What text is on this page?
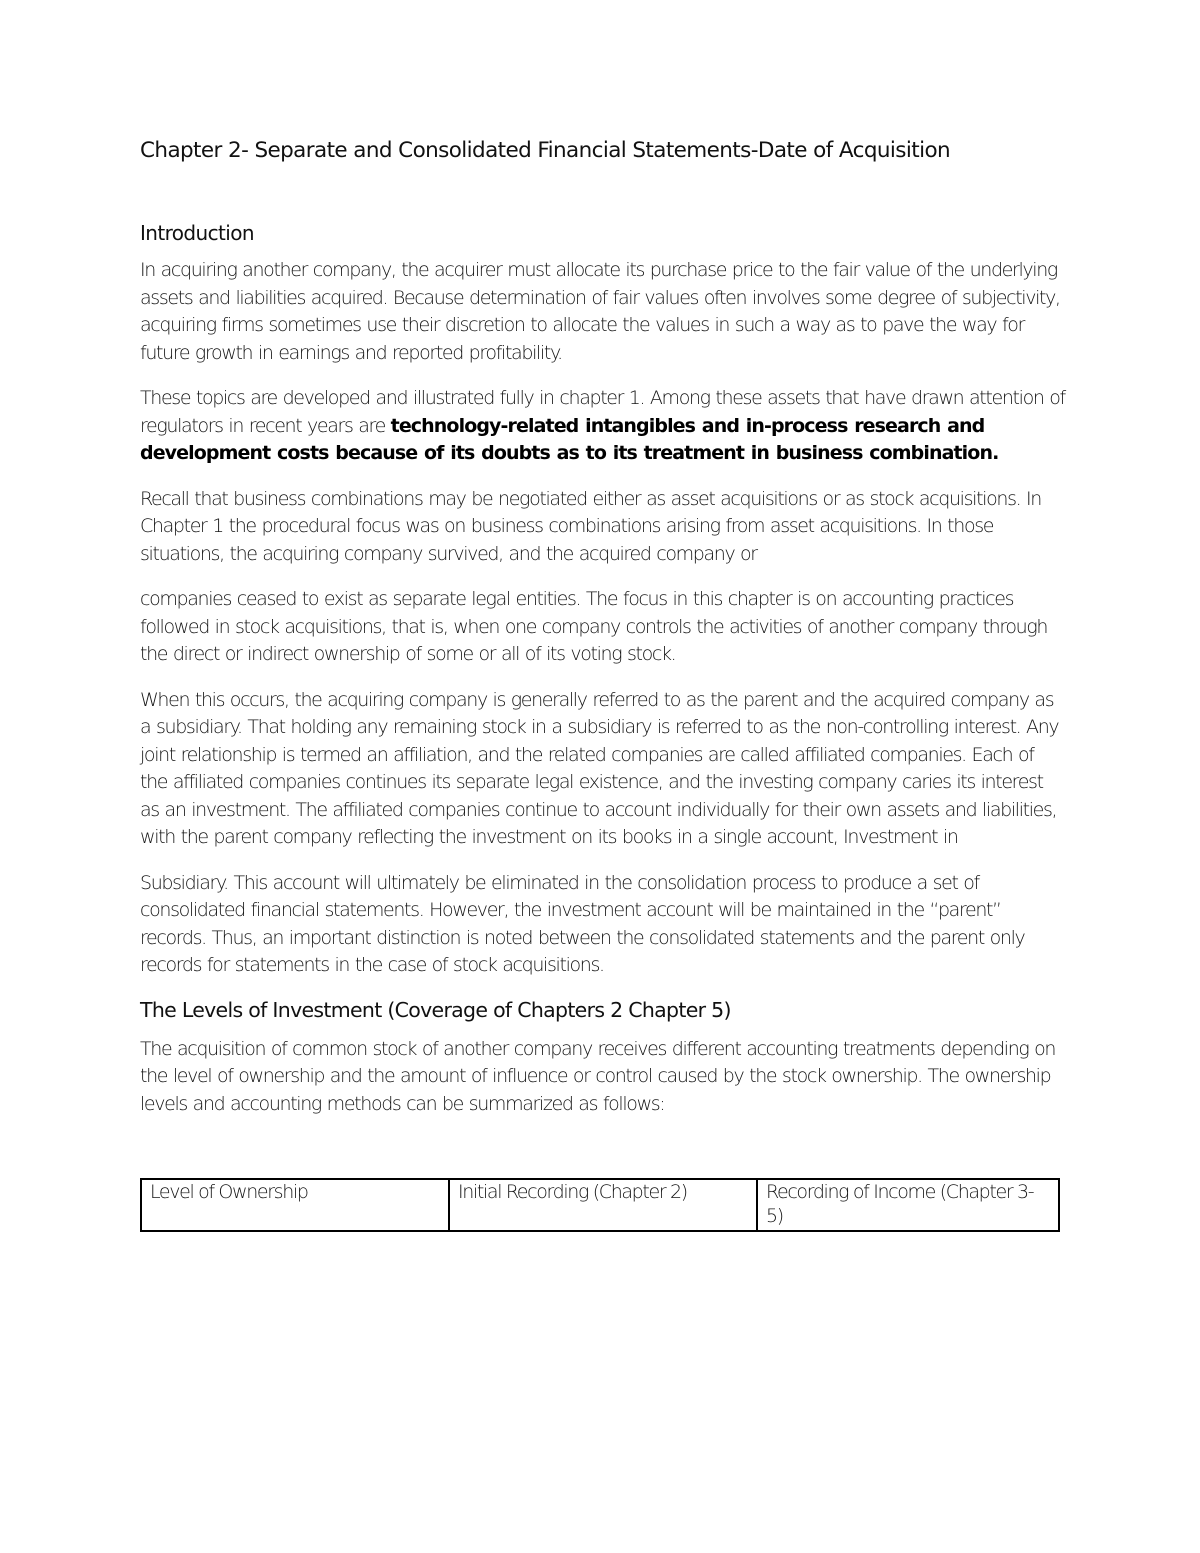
Chapter 2- Separate and Consolidated Financial Statements-Date of Acquisition
Introduction

In acquiring another company, the acquirer must allocate its purchase price to the fair value of the underlying assets and liabilities acquired. Because determination of fair values often involves some degree of subjectivity, acquiring firms sometimes use their discretion to allocate the values in such a way as to pave the way for future growth in earnings and reported profitability.

These topics are developed and illustrated fully in chapter 1. Among these assets that have drawn attention of regulators in recent years are technology-related intangibles and in-process research and development costs because of its doubts as to its treatment in business combination.

Recall that business combinations may be negotiated either as asset acquisitions or as stock acquisitions. In Chapter 1 the procedural focus was on business combinations arising from asset acquisitions. In those situations, the acquiring company survived, and the acquired company or

companies ceased to exist as separate legal entities. The focus in this chapter is on accounting practices followed in stock acquisitions, that is, when one company controls the activities of another company through the direct or indirect ownership of some or all of its voting stock.

When this occurs, the acquiring company is generally referred to as the parent and the acquired company as a subsidiary. That holding any remaining stock in a subsidiary is referred to as the non-controlling interest. Any joint relationship is termed an affiliation, and the related companies are called affiliated companies. Each of the affiliated companies continues its separate legal existence, and the investing company caries its interest as an investment. The affiliated companies continue to account individually for their own assets and liabilities, with the parent company reflecting the investment on its books in a single account, Investment in

Subsidiary. This account will ultimately be eliminated in the consolidation process to produce a set of consolidated financial statements. However, the investment account will be maintained in the “parent” records. Thus, an important distinction is noted between the consolidated statements and the parent only records for statements in the case of stock acquisitions.

The Levels of Investment (Coverage of Chapters 2 Chapter 5)

The acquisition of common stock of another company receives different accounting treatments depending on the level of ownership and the amount of influence or control caused by the stock ownership. The ownership levels and accounting methods can be summarized as follows:

Level of Ownership	Initial Recording (Chapter 2)	Recording of Income (Chapter 3-5)
